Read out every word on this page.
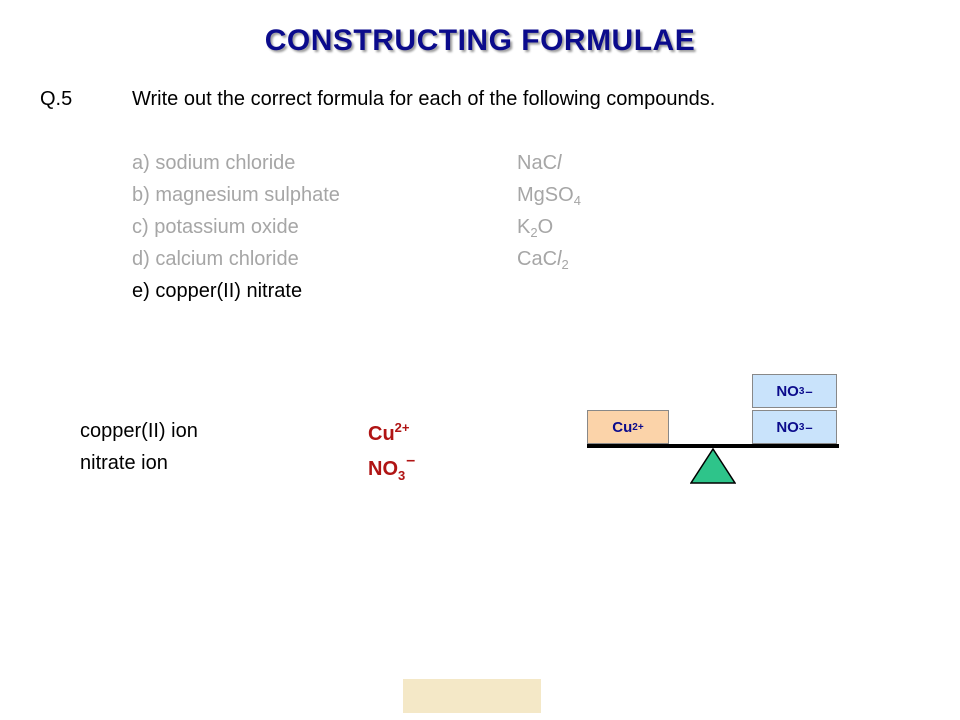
CONSTRUCTING FORMULAE
Q.5	Write out the correct formula for each of the following compounds.
a) sodium chloride	NaCl
b) magnesium sulphate	MgSO$_4$
c) potassium oxide	$K_2O$
d) calcium chloride	CaCl$_2$
e) copper(II) nitrate
copper(II) ion	$Cu^{2+}$
nitrate ion	$NO_3^-$
NO 3 –
Cu 2+	NO 3 –
